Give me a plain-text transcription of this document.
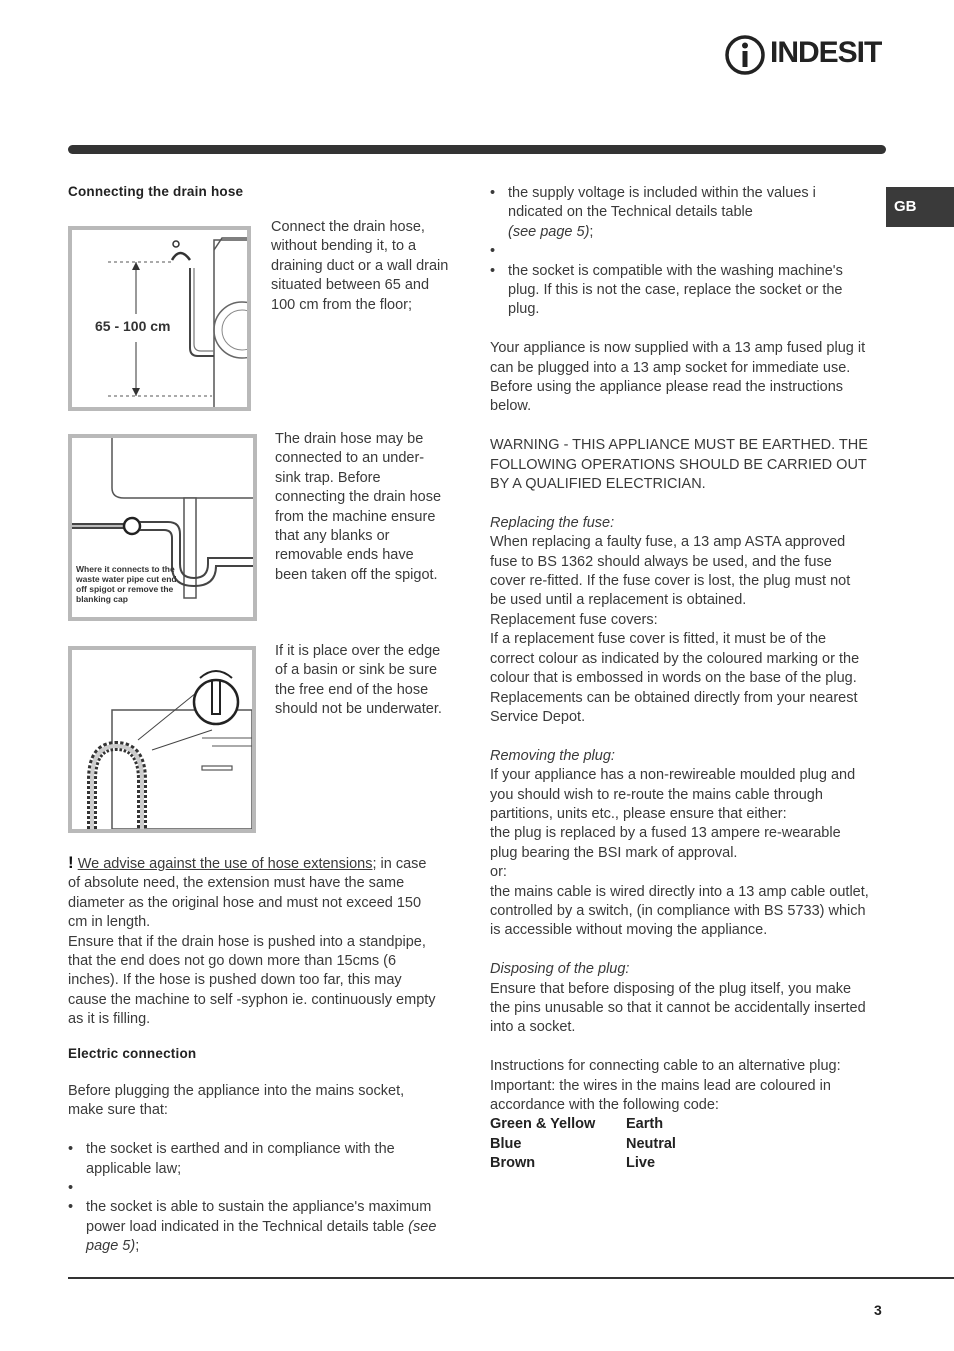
INDESIT
GB
Connecting the drain hose
65 - 100 cm
Connect the drain hose, without bending it, to a draining duct or a wall drain situated between 65 and 100 cm from the floor;
Where it connects to the waste water pipe cut end off spigot or remove the blanking cap
The drain hose may be connected to an under-sink trap. Before connecting the drain hose from the machine ensure that any blanks or removable ends have been taken off the spigot.
If it is place over the edge of a basin or sink be sure the free end of the hose should not be underwater.
! We advise against the use of hose extensions; in case of absolute need, the extension must have the same diameter as the original hose and must not exceed 150 cm in length.
Ensure that if the drain hose is pushed into a standpipe, that the end does not go down more than 15cms (6 inches). If the hose is pushed down too far, this may cause the machine to self -syphon ie. continuously empty as it is filling.
Electric connection
Before plugging the appliance into the mains socket, make sure that:
• the socket is earthed and in compliance with the applicable law;
•
• the socket is able to sustain the appliance's maximum power load indicated in the Technical details table (see page 5);
• the supply voltage is included within the values i ndicated on the Technical details table
(see page 5);
•
• the socket is compatible with the washing machine's plug. If this is not the case, replace the socket or the plug.
Your appliance is now supplied with a 13 amp fused plug it can be plugged into a 13 amp socket for immediate use. Before using the appliance please read the instructions below.
WARNING - THIS APPLIANCE MUST BE EARTHED. THE FOLLOWING OPERATIONS SHOULD BE CARRIED OUT BY A QUALIFIED ELECTRICIAN.
Replacing the fuse:
When replacing a faulty fuse, a 13 amp ASTA approved fuse to BS 1362 should always be used, and the fuse cover re-fitted. If the fuse cover is lost, the plug must not be used until a replacement is obtained.
Replacement fuse covers:
If a replacement fuse cover is fitted, it must be of the correct colour as indicated by the coloured marking or the colour that is embossed in words on the base of the plug. Replacements can be obtained directly from your nearest Service Depot.
Removing the plug:
If your appliance has a non-rewireable moulded plug and you should wish to re-route the mains cable through partitions, units etc., please ensure that either:
the plug is replaced by a fused 13 ampere re-wearable plug bearing the BSI mark of approval.
or:
the mains cable is wired directly into a 13 amp cable outlet, controlled by a switch, (in compliance with BS 5733) which is accessible without moving the appliance.
Disposing of the plug:
Ensure that before disposing of the plug itself, you make the pins unusable so that it cannot be accidentally inserted into a socket.
Instructions for connecting cable to an alternative plug:
Important: the wires in the mains lead are coloured in accordance with the following code:
Green & Yellow	Earth
Blue	Neutral
Brown	Live
3
